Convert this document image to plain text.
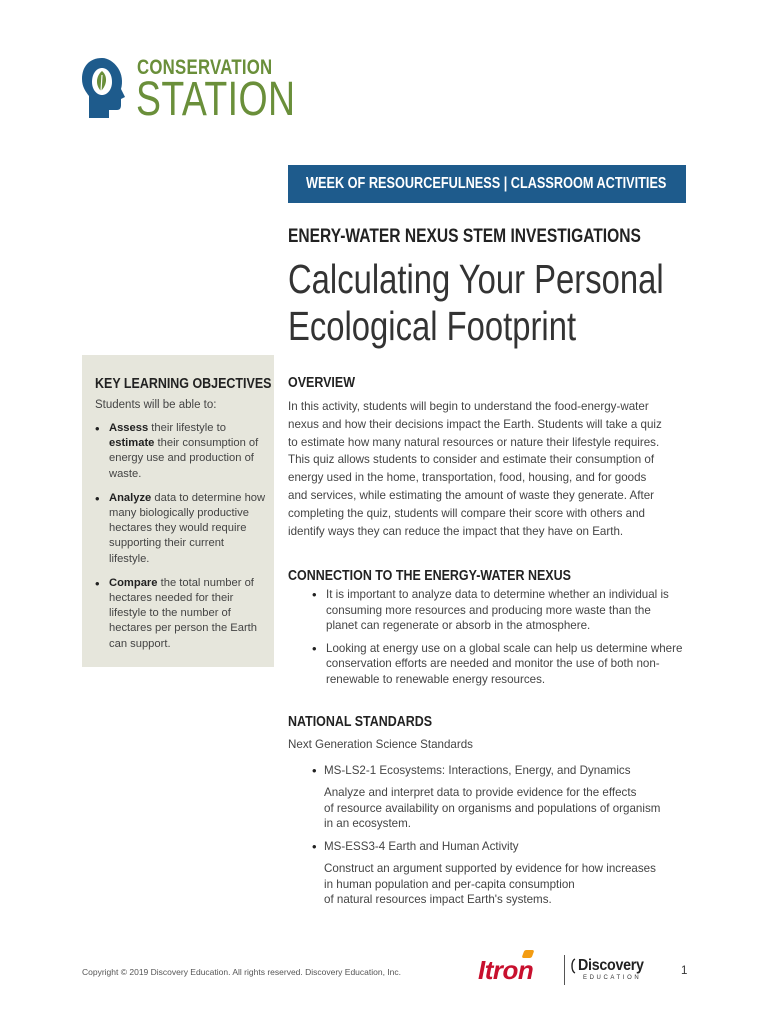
CONSERVATION
STATION
WEEK OF RESOURCEFULNESS | CLASSROOM ACTIVITIES
ENERY-WATER NEXUS STEM INVESTIGATIONS
Calculating Your Personal
Ecological Footprint
KEY LEARNING OBJECTIVES
Students will be able to:
• Assess their lifestyle to estimate their consumption of energy use and production of waste.
• Analyze data to determine how many biologically productive hectares they would require supporting their current lifestyle.
• Compare the total number of hectares needed for their lifestyle to the number of hectares per person the Earth can support.
OVERVIEW
In this activity, students will begin to understand the food-energy-water
nexus and how their decisions impact the Earth. Students will take a quiz
to estimate how many natural resources or nature their lifestyle requires.
This quiz allows students to consider and estimate their consumption of
energy used in the home, transportation, food, housing, and for goods
and services, while estimating the amount of waste they generate. After
completing the quiz, students will compare their score with others and
identify ways they can reduce the impact that they have on Earth.
CONNECTION TO THE ENERGY-WATER NEXUS
• It is important to analyze data to determine whether an individual is consuming more resources and producing more waste than the planet can regenerate or absorb in the atmosphere.
• Looking at energy use on a global scale can help us determine where conservation efforts are needed and monitor the use of both non-renewable to renewable energy resources.
NATIONAL STANDARDS
Next Generation Science Standards
• MS-LS2-1 Ecosystems: Interactions, Energy, and Dynamics
Analyze and interpret data to provide evidence for the effects
of resource availability on organisms and populations of organism
in an ecosystem.
• MS-ESS3-4 Earth and Human Activity
Construct an argument supported by evidence for how increases
in human population and per-capita consumption
of natural resources impact Earth's systems.
Copyright © 2019 Discovery Education. All rights reserved. Discovery Education, Inc.	Itron	Discovery
EDUCATION
1
